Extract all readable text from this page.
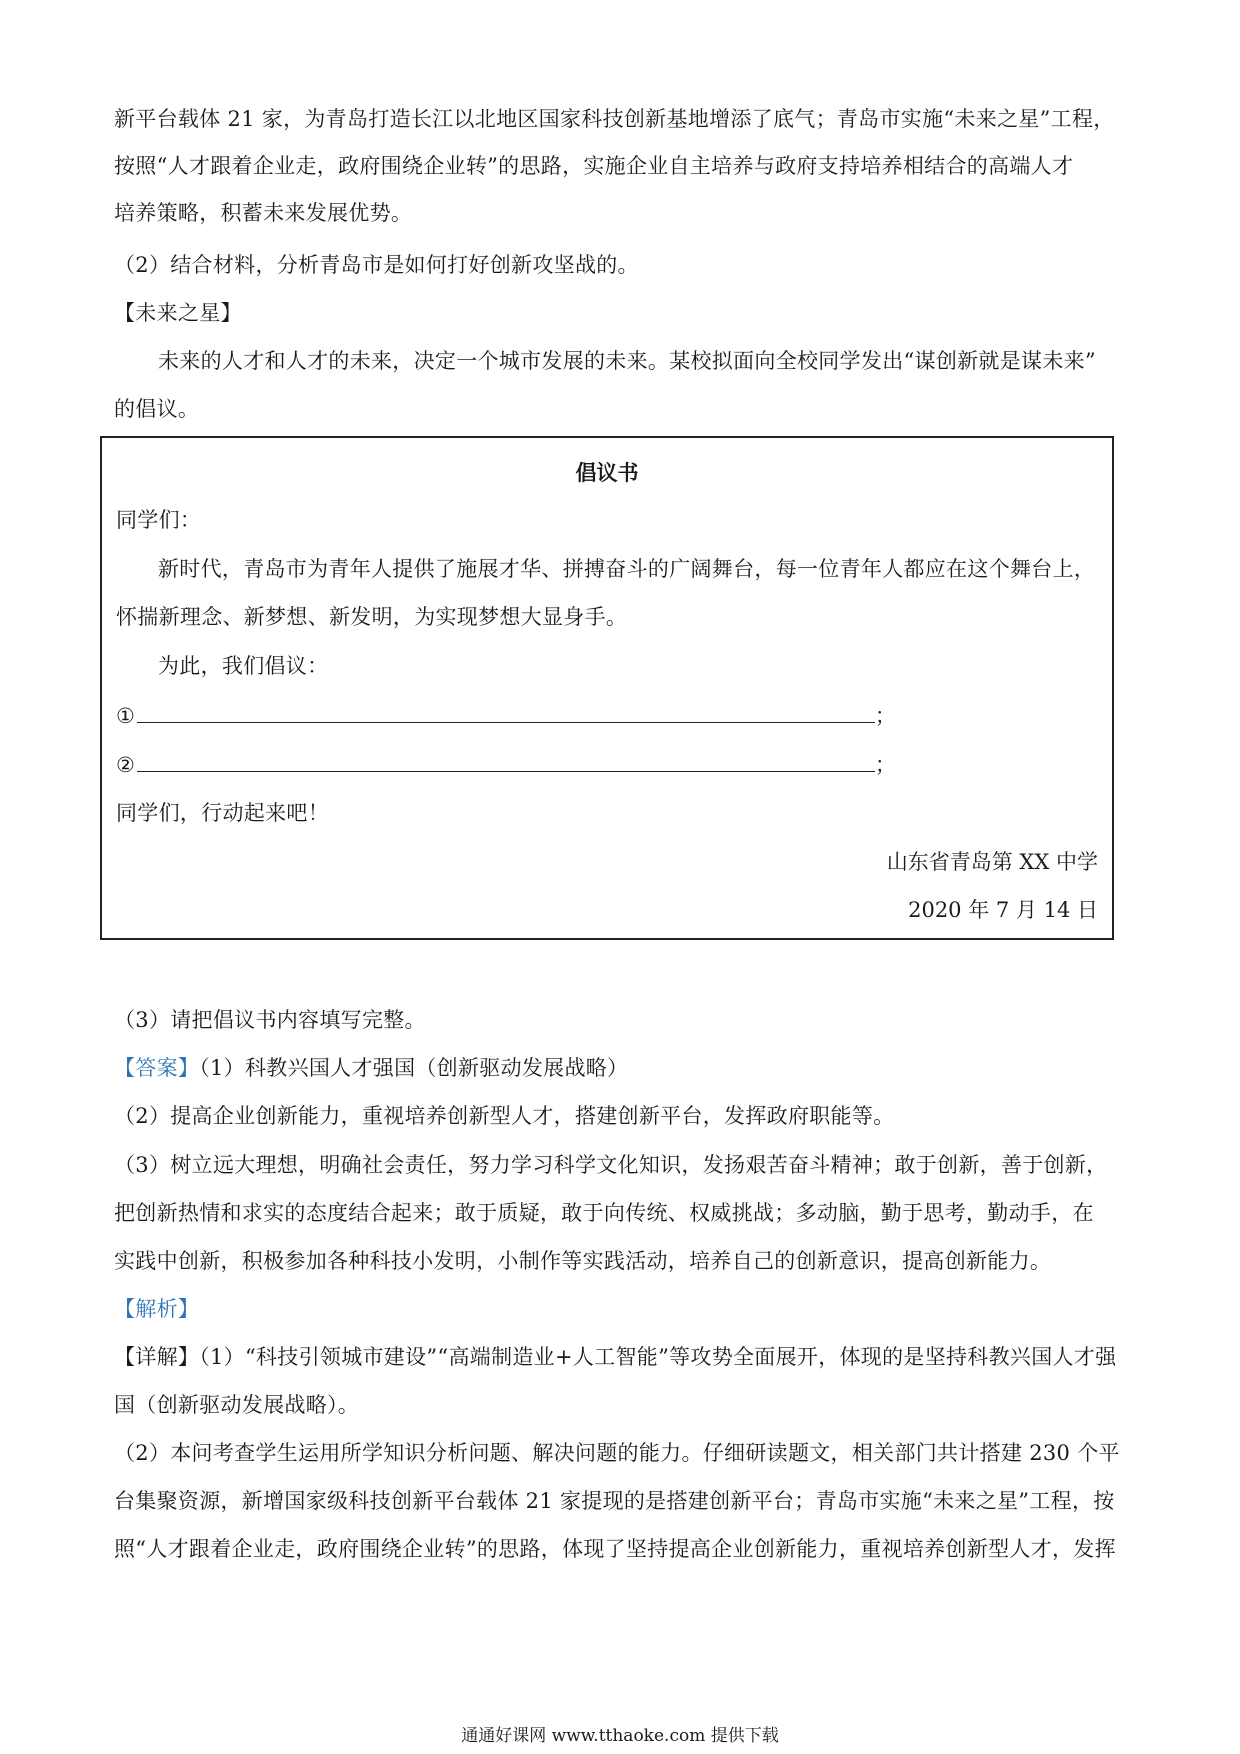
新平台载体 21 家，为青岛打造长江以北地区国家科技创新基地增添了底气；青岛市实施“未来之星”工程，
按照“人才跟着企业走，政府围绕企业转”的思路，实施企业自主培养与政府支持培养相结合的高端人才
培养策略，积蓄未来发展优势。
（2）结合材料，分析青岛市是如何打好创新攻坚战的。
【未来之星】
未来的人才和人才的未来，决定一个城市发展的未来。某校拟面向全校同学发出“谋创新就是谋未来”
的倡议。
倡议书
同学们：
新时代，青岛市为青年人提供了施展才华、拼搏奋斗的广阔舞台，每一位青年人都应在这个舞台上，
怀揣新理念、新梦想、新发明，为实现梦想大显身手。
为此，我们倡议：
①	；
②	；
同学们，行动起来吧！
山东省青岛第 XX 中学
2020 年 7 月 14 日
（3）请把倡议书内容填写完整。
【答案】（1）科教兴国人才强国（创新驱动发展战略）
（2）提高企业创新能力，重视培养创新型人才，搭建创新平台，发挥政府职能等。
（3）树立远大理想，明确社会责任，努力学习科学文化知识，发扬艰苦奋斗精神；敢于创新，善于创新，
把创新热情和求实的态度结合起来；敢于质疑，敢于向传统、权威挑战；多动脑，勤于思考，勤动手，在
实践中创新，积极参加各种科技小发明，小制作等实践活动，培养自己的创新意识，提高创新能力。
【解析】
【详解】（1）“科技引领城市建设”“高端制造业+人工智能”等攻势全面展开，体现的是坚持科教兴国人才强
国（创新驱动发展战略）。
（2）本问考查学生运用所学知识分析问题、解决问题的能力。仔细研读题文，相关部门共计搭建 230 个平
台集聚资源，新增国家级科技创新平台载体 21 家提现的是搭建创新平台；青岛市实施“未来之星”工程，按
照“人才跟着企业走，政府围绕企业转”的思路，体现了坚持提高企业创新能力，重视培养创新型人才，发挥
通通好课网 www.tthaoke.com 提供下载
